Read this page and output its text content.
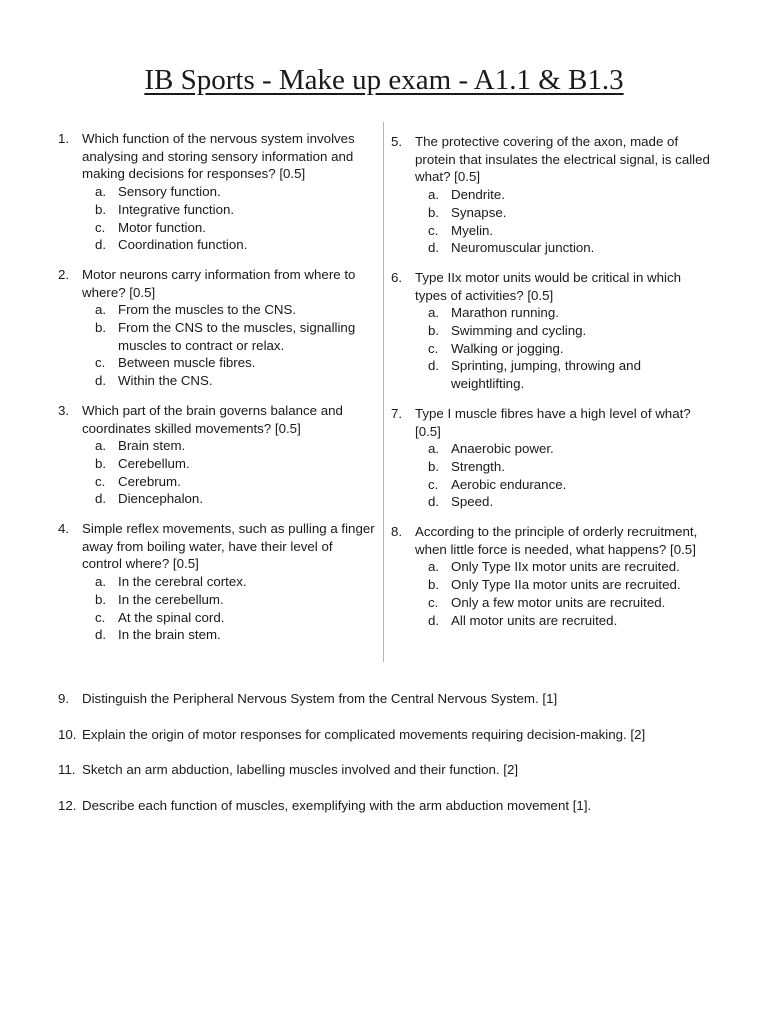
IB Sports - Make up exam - A1.1 & B1.3
1. Which function of the nervous system involves analysing and storing sensory information and making decisions for responses? [0.5]
a. Sensory function.
b. Integrative function.
c. Motor function.
d. Coordination function.
2. Motor neurons carry information from where to where? [0.5]
a. From the muscles to the CNS.
b. From the CNS to the muscles, signalling muscles to contract or relax.
c. Between muscle fibres.
d. Within the CNS.
3. Which part of the brain governs balance and coordinates skilled movements? [0.5]
a. Brain stem.
b. Cerebellum.
c. Cerebrum.
d. Diencephalon.
4. Simple reflex movements, such as pulling a finger away from boiling water, have their level of control where? [0.5]
a. In the cerebral cortex.
b. In the cerebellum.
c. At the spinal cord.
d. In the brain stem.
5. The protective covering of the axon, made of protein that insulates the electrical signal, is called what? [0.5]
a. Dendrite.
b. Synapse.
c. Myelin.
d. Neuromuscular junction.
6. Type IIx motor units would be critical in which types of activities? [0.5]
a. Marathon running.
b. Swimming and cycling.
c. Walking or jogging.
d. Sprinting, jumping, throwing and weightlifting.
7. Type I muscle fibres have a high level of what? [0.5]
a. Anaerobic power.
b. Strength.
c. Aerobic endurance.
d. Speed.
8. According to the principle of orderly recruitment, when little force is needed, what happens? [0.5]
a. Only Type IIx motor units are recruited.
b. Only Type IIa motor units are recruited.
c. Only a few motor units are recruited.
d. All motor units are recruited.
9. Distinguish the Peripheral Nervous System from the Central Nervous System. [1]
10. Explain the origin of motor responses for complicated movements requiring decision-making. [2]
11. Sketch an arm abduction, labelling muscles involved and their function. [2]
12. Describe each function of muscles, exemplifying with the arm abduction movement [1].
